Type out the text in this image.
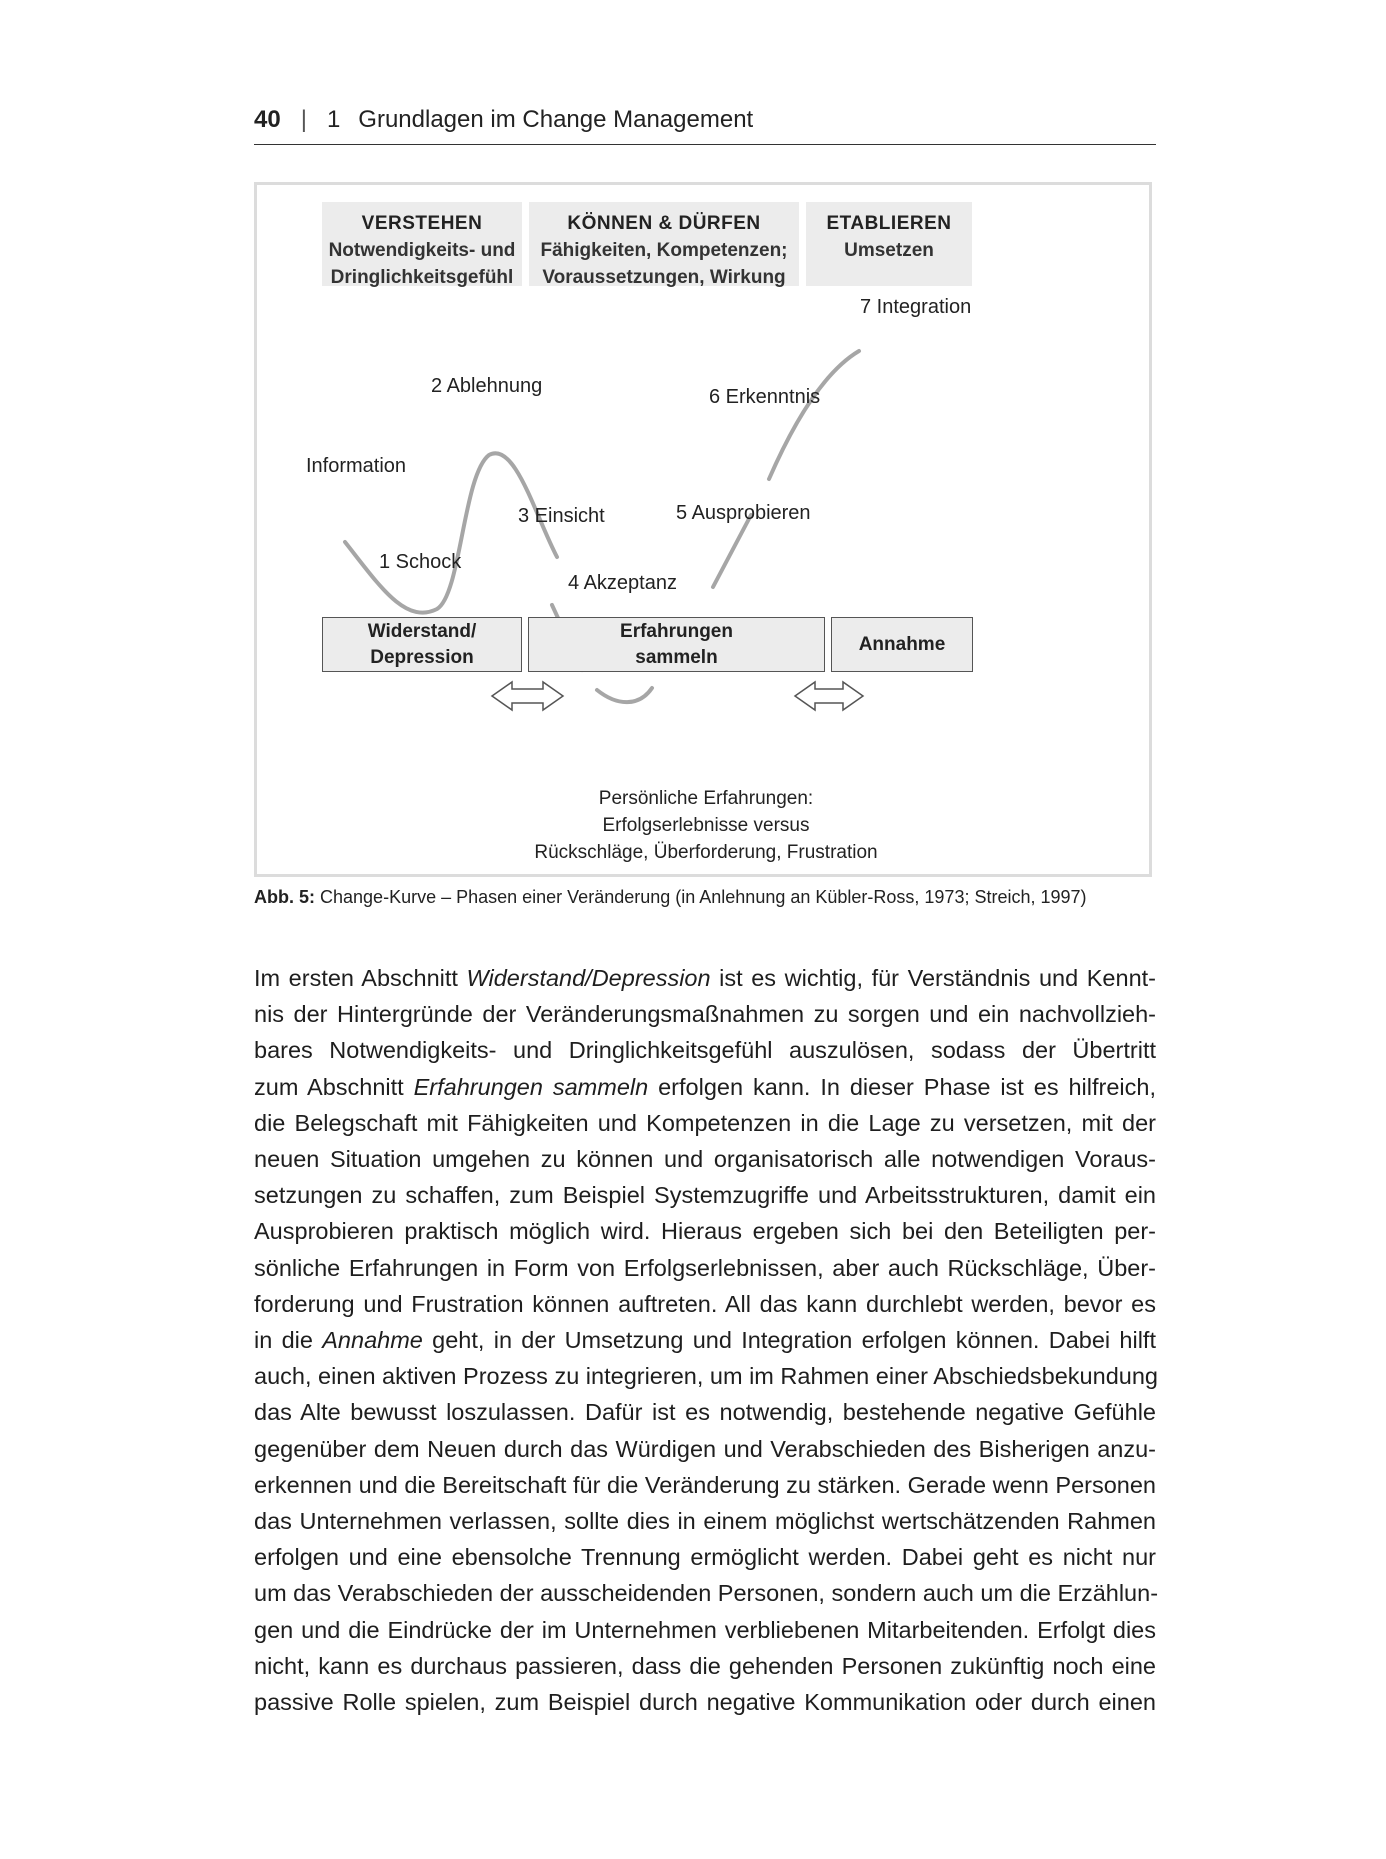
40 | 1 Grundlagen im Change Management
VERSTEHEN
Notwendigkeits- und
Dringlichkeitsgefühl
KÖNNEN & DÜRFEN
Fähigkeiten, Kompetenzen;
Voraussetzungen, Wirkung
ETABLIEREN
Umsetzen
Information
1 Schock
2 Ablehnung
3 Einsicht
4 Akzeptanz
5 Ausprobieren
6 Erkenntnis
7 Integration
Widerstand/
Depression
Erfahrungen
sammeln
Annahme
Persönliche Erfahrungen:
Erfolgserlebnisse versus
Rückschläge, Überforderung, Frustration
Abb. 5: Change-Kurve – Phasen einer Veränderung (in Anlehnung an Kübler-Ross, 1973; Streich, 1997)

Im ersten Abschnitt Widerstand/Depression ist es wichtig, für Verständnis und Kennt-
nis der Hintergründe der Veränderungsmaßnahmen zu sorgen und ein nachvollzieh-
bares Notwendigkeits- und Dringlichkeitsgefühl auszulösen, sodass der Übertritt
zum Abschnitt Erfahrungen sammeln erfolgen kann. In dieser Phase ist es hilfreich,
die Belegschaft mit Fähigkeiten und Kompetenzen in die Lage zu versetzen, mit der
neuen Situation umgehen zu können und organisatorisch alle notwendigen Voraus-
setzungen zu schaffen, zum Beispiel Systemzugriffe und Arbeitsstrukturen, damit ein
Ausprobieren praktisch möglich wird. Hieraus ergeben sich bei den Beteiligten per-
sönliche Erfahrungen in Form von Erfolgserlebnissen, aber auch Rückschläge, Über-
forderung und Frustration können auftreten. All das kann durchlebt werden, bevor es
in die Annahme geht, in der Umsetzung und Integration erfolgen können. Dabei hilft
auch, einen aktiven Prozess zu integrieren, um im Rahmen einer Abschiedsbekundung
das Alte bewusst loszulassen. Dafür ist es notwendig, bestehende negative Gefühle
gegenüber dem Neuen durch das Würdigen und Verabschieden des Bisherigen anzu-
erkennen und die Bereitschaft für die Veränderung zu stärken. Gerade wenn Personen
das Unternehmen verlassen, sollte dies in einem möglichst wertschätzenden Rahmen
erfolgen und eine ebensolche Trennung ermöglicht werden. Dabei geht es nicht nur
um das Verabschieden der ausscheidenden Personen, sondern auch um die Erzählun-
gen und die Eindrücke der im Unternehmen verbliebenen Mitarbeitenden. Erfolgt dies
nicht, kann es durchaus passieren, dass die gehenden Personen zukünftig noch eine
passive Rolle spielen, zum Beispiel durch negative Kommunikation oder durch einen
